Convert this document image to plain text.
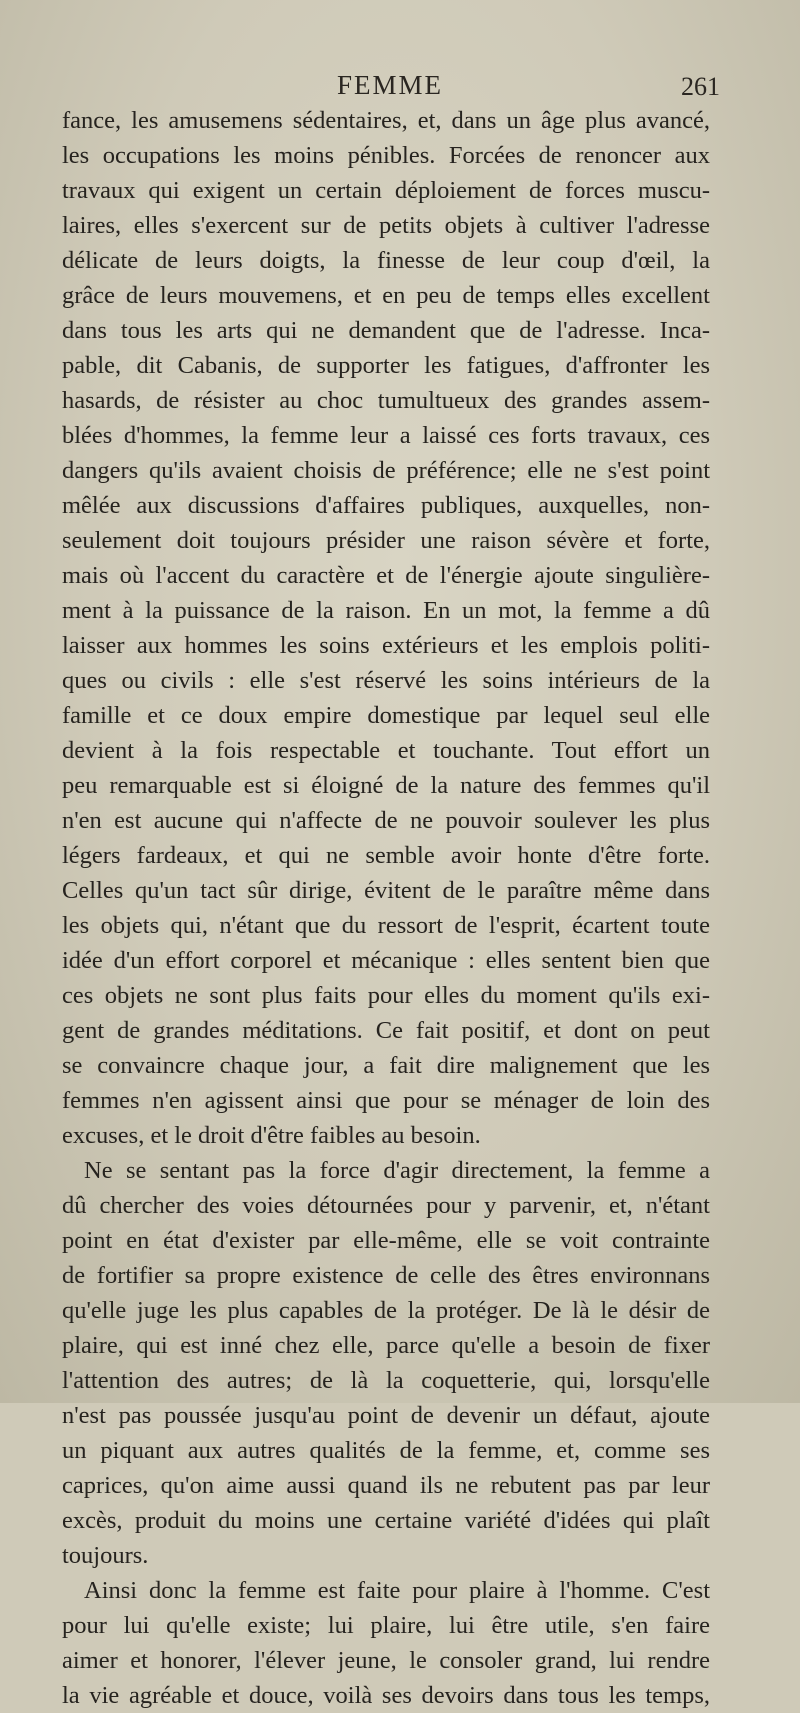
FEMME	261
fance, les amusemens sédentaires, et, dans un âge plus avancé,
les occupations les moins pénibles. Forcées de renoncer aux
travaux qui exigent un certain déploiement de forces muscu-
laires, elles s'exercent sur de petits objets à cultiver l'adresse
délicate de leurs doigts, la finesse de leur coup d'œil, la
grâce de leurs mouvemens, et en peu de temps elles excellent
dans tous les arts qui ne demandent que de l'adresse. Inca-
pable, dit Cabanis, de supporter les fatigues, d'affronter les
hasards, de résister au choc tumultueux des grandes assem-
blées d'hommes, la femme leur a laissé ces forts travaux, ces
dangers qu'ils avaient choisis de préférence; elle ne s'est point
mêlée aux discussions d'affaires publiques, auxquelles, non-
seulement doit toujours présider une raison sévère et forte,
mais où l'accent du caractère et de l'énergie ajoute singulière-
ment à la puissance de la raison. En un mot, la femme a dû
laisser aux hommes les soins extérieurs et les emplois politi-
ques ou civils : elle s'est réservé les soins intérieurs de la
famille et ce doux empire domestique par lequel seul elle
devient à la fois respectable et touchante. Tout effort un
peu remarquable est si éloigné de la nature des femmes qu'il
n'en est aucune qui n'affecte de ne pouvoir soulever les plus
légers fardeaux, et qui ne semble avoir honte d'être forte.
Celles qu'un tact sûr dirige, évitent de le paraître même dans
les objets qui, n'étant que du ressort de l'esprit, écartent toute
idée d'un effort corporel et mécanique : elles sentent bien que
ces objets ne sont plus faits pour elles du moment qu'ils exi-
gent de grandes méditations. Ce fait positif, et dont on peut
se convaincre chaque jour, a fait dire malignement que les
femmes n'en agissent ainsi que pour se ménager de loin des
excuses, et le droit d'être faibles au besoin.
Ne se sentant pas la force d'agir directement, la femme a
dû chercher des voies détournées pour y parvenir, et, n'étant
point en état d'exister par elle-même, elle se voit contrainte
de fortifier sa propre existence de celle des êtres environnans
qu'elle juge les plus capables de la protéger. De là le désir de
plaire, qui est inné chez elle, parce qu'elle a besoin de fixer
l'attention des autres; de là la coquetterie, qui, lorsqu'elle
n'est pas poussée jusqu'au point de devenir un défaut, ajoute
un piquant aux autres qualités de la femme, et, comme ses
caprices, qu'on aime aussi quand ils ne rebutent pas par leur
excès, produit du moins une certaine variété d'idées qui plaît
toujours.
Ainsi donc la femme est faite pour plaire à l'homme. C'est
pour lui qu'elle existe; lui plaire, lui être utile, s'en faire
aimer et honorer, l'élever jeune, le consoler grand, lui rendre
la vie agréable et douce, voilà ses devoirs dans tous les temps,
